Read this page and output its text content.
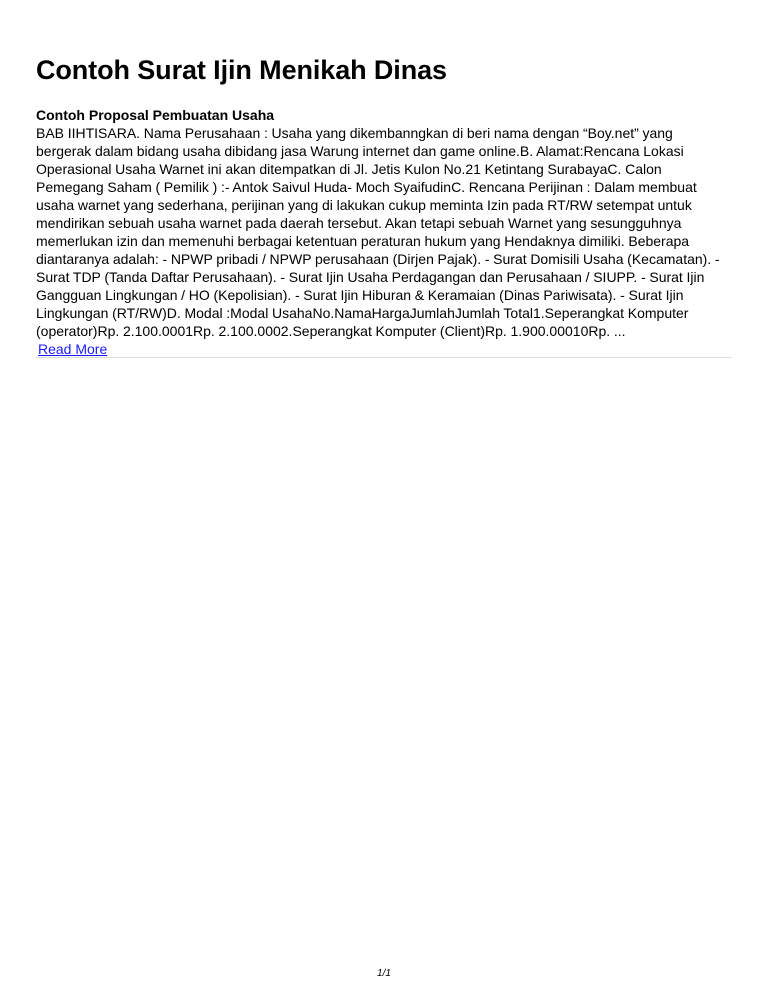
Contoh Surat Ijin Menikah Dinas

Contoh Proposal Pembuatan Usaha

BAB IIHTISARA. Nama Perusahaan : Usaha yang dikembanngkan di beri nama dengan “Boy.net” yang bergerak dalam bidang usaha dibidang jasa Warung internet dan game online.B. Alamat:Rencana Lokasi Operasional Usaha Warnet ini akan ditempatkan di Jl. Jetis Kulon No.21 Ketintang SurabayaC. Calon Pemegang Saham ( Pemilik ) :- Antok Saivul Huda- Moch SyaifudinC. Rencana Perijinan : Dalam membuat usaha warnet yang sederhana, perijinan yang di lakukan cukup meminta Izin pada RT/RW setempat untuk mendirikan sebuah usaha warnet pada daerah tersebut. Akan tetapi sebuah Warnet yang sesungguhnya memerlukan izin dan memenuhi berbagai ketentuan peraturan hukum yang Hendaknya dimiliki. Beberapa diantaranya adalah: - NPWP pribadi / NPWP perusahaan (Dirjen Pajak). - Surat Domisili Usaha (Kecamatan). - Surat TDP (Tanda Daftar Perusahaan). - Surat Ijin Usaha Perdagangan dan Perusahaan / SIUPP. - Surat Ijin Gangguan Lingkungan / HO (Kepolisian). - Surat Ijin Hiburan & Keramaian (Dinas Pariwisata). - Surat Ijin Lingkungan (RT/RW)D. Modal :Modal UsahaNo.NamaHargaJumlahJumlah Total1.Seperangkat Komputer (operator)Rp. 2.100.0001Rp. 2.100.0002.Seperangkat Komputer (Client)Rp. 1.900.00010Rp. ...

Read More
1/1
